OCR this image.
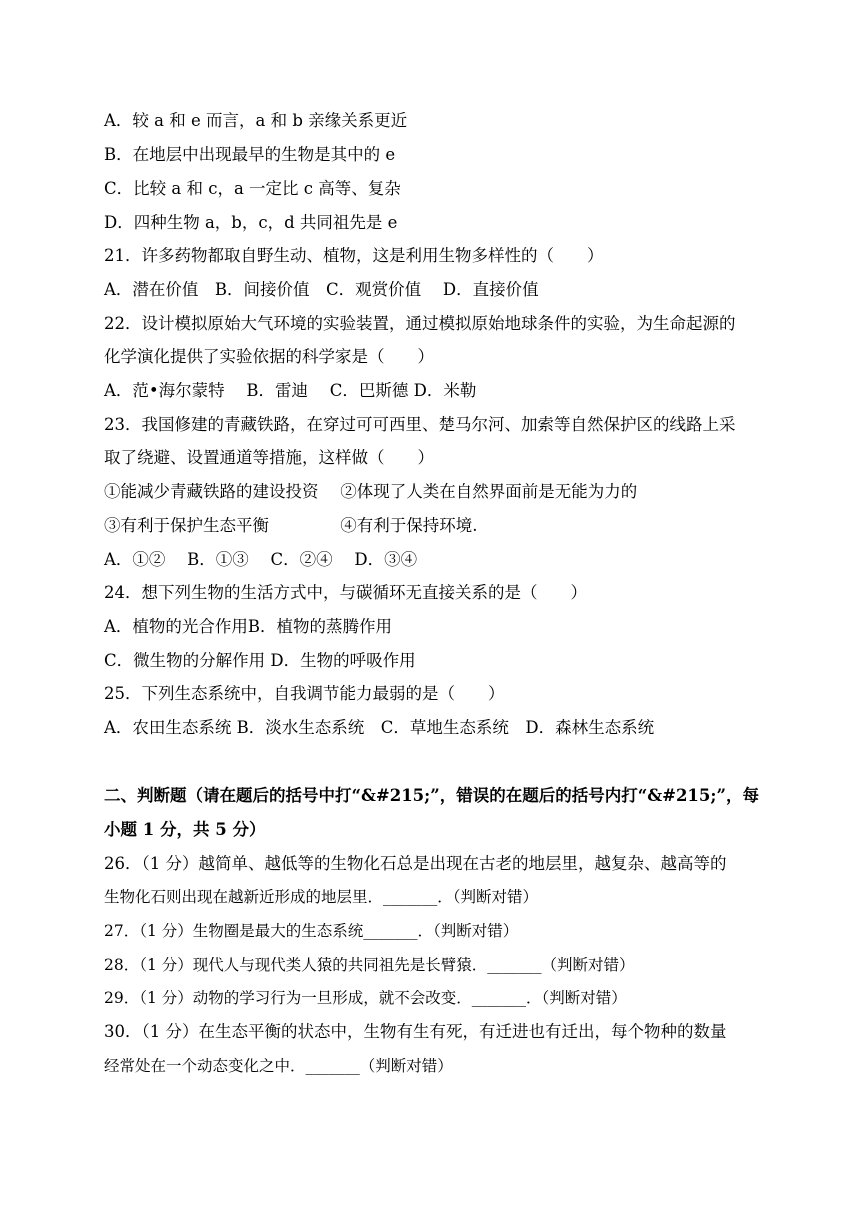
A．较 a 和 e 而言，a 和 b 亲缘关系更近
B．在地层中出现最早的生物是其中的 e
C．比较 a 和 c，a 一定比 c 高等、复杂
D．四种生物 a，b，c，d 共同祖先是 e
21．许多药物都取自野生动、植物，这是利用生物多样性的（　　）
A．潜在价值　B．间接价值　C．观赏价值　 D．直接价值
22．设计模拟原始大气环境的实验装置，通过模拟原始地球条件的实验，为生命起源的
化学演化提供了实验依据的科学家是（　　）
A．范•海尔蒙特　 B．雷迪　 C．巴斯德 D．米勒
23．我国修建的青藏铁路，在穿过可可西里、楚马尔河、加索等自然保护区的线路上采
取了绕避、设置通道等措施，这样做（　　）
①能减少青藏铁路的建设投资　 ②体现了人类在自然界面前是无能为力的
③有利于保护生态平衡　　　　 ④有利于保持环境.
A．①②　 B．①③　 C．②④　 D．③④
24．想下列生物的生活方式中，与碳循环无直接关系的是（　　）
A．植物的光合作用B．植物的蒸腾作用
C．微生物的分解作用 D．生物的呼吸作用
25．下列生态系统中，自我调节能力最弱的是（　　）
A．农田生态系统 B．淡水生态系统　C．草地生态系统　D．森林生态系统
二、判断题（请在题后的括号中打“&#215;”，错误的在题后的括号内打“&#215;”，每
小题 1 分，共 5 分）
26．（1 分）越简单、越低等的生物化石总是出现在古老的地层里，越复杂、越高等的
生物化石则出现在越新近形成的地层里．_______．（判断对错）
27．（1 分）生物圈是最大的生态系统_______．（判断对错）
28．（1 分）现代人与现代类人猿的共同祖先是长臂猿．_______（判断对错）
29．（1 分）动物的学习行为一旦形成，就不会改变．_______．（判断对错）
30．（1 分）在生态平衡的状态中，生物有生有死，有迁进也有迁出，每个物种的数量
经常处在一个动态变化之中．_______（判断对错）
